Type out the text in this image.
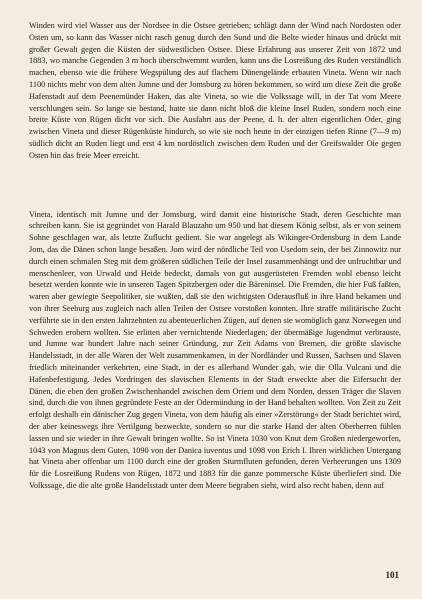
Winden wird viel Wasser aus der Nordsee in die Ostsee getrieben; schlägt dann der Wind nach Nordosten oder Osten um, so kann das Wasser nicht rasch genug durch den Sund und die Belte wieder hinaus und drückt mit großer Gewalt gegen die Küsten der südwestlichen Ostsee. Diese Erfahrung aus unserer Zeit von 1872 und 1883, wo manche Gegenden 3 m hoch überschwemmt wurden, kann uns die Losreißung des Ruden verständlich machen, ebenso wie die frühere Wegspülung des auf flachem Dünengelände erbauten Vineta. Wenn wir nach 1100 nichts mehr von dem alten Jumne und der Jomsburg zu hören bekommen, so wird um diese Zeit die große Hafenstadt auf dem Peenemünder Haken, das alte Vineta, so wie die Volkssage will, in der Tat vom Meere verschlungen sein. So lange sie bestand, hatte sie dann nicht bloß die kleine Insel Ruden, sondern noch eine breite Küste von Rügen dicht vor sich. Die Ausfahrt aus der Peene, d. h. der alten eigentlichen Oder, ging zwischen Vineta und dieser Rügenküste hindurch, so wie sie noch heute in der einzigen tiefen Rinne (7—9 m) südlich dicht an Ruden liegt und erst 4 km nordöstlich zwischen dem Ruden und der Greifswalder Oie gegen Osten hin das freie Meer erreicht.

Vineta, identisch mit Jumne und der Jomsburg, wird damit eine historische Stadt, deren Geschichte man schreiben kann. Sie ist gegründet von Harald Blauzahn um 950 und hat diesem König selbst, als er von seinem Sohne geschlagen war, als letzte Zuflucht gedient. Sie war angelegt als Wikinger-Ordensburg in dem Lande Jom, das die Dänen schon lange besaßen. Jom wird der nördliche Teil von Usedom sein, der bei Zinnowitz nur durch einen schmalen Steg mit dem größeren südlichen Teile der Insel zusammenhängt und der unfruchtbar und menschenleer, von Urwald und Heide bedeckt, damals von gut ausgerüsteten Fremden wohl ebenso leicht besetzt werden konnte wie in unseren Tagen Spitzbergen oder die Bäreninsel. Die Fremden, die hier Fuß faßten, waren aber gewiegte Seepolitiker, sie wußten, daß sie den wichtigsten Oderausfluß in ihre Hand bekamen und von ihrer Seeburg aus zugleich nach allen Teilen der Ostsee vorstoßen konnten. Ihre straffe militärische Zucht verführte sie in den ersten Jahrzehnten zu abenteuerlichen Zügen, auf denen sie womöglich ganz Norwegen und Schweden erobern wollten. Sie erlitten aber vernichtende Niederlagen; der übermäßige Jugendmut verbrauste, und Jumne war hundert Jahre nach seiner Gründung, zur Zeit Adams von Bremen, die größte slavische Handelsstadt, in der alle Waren der Welt zusammenkamen, in der Nordländer und Russen, Sachsen und Slaven friedlich miteinander verkehrten, eine Stadt, in der es allerhand Wunder gab, wie die Olla Vulcani und die Hafenbefestigung. Jedes Vordringen des slavischen Elements in der Stadt erweckte aber die Eifersucht der Dänen, die eben den großen Zwischenhandel zwischen dem Orient und dem Norden, dessen Träger die Slaven sind, durch die von ihnen gegründete Feste an der Odermündung in der Hand behalten wollten. Von Zeit zu Zeit erfolgt deshalb ein dänischer Zug gegen Vineta, von dem häufig als einer »Zerstörung« der Stadt berichtet wird, der aber keineswegs ihre Vertilgung bezweckte, sondern so nur die starke Hand der alten Oberherren fühlen lassen und sie wieder in ihre Gewalt bringen wollte. So ist Vineta 1030 von Knut dem Großen niedergeworfen, 1043 von Magnus dem Guten, 1090 von der Danica iuventus und 1098 von Erich I. Ihren wirklichen Untergang hat Vineta aber offenbar um 1100 durch eine der großen Sturmfluten gefunden, deren Verheerungen uns 1309 für die Losreißung Rudens von Rügen, 1872 und 1883 für die ganze pommersche Küste überliefert sind. Die Volkssage, die die alte große Handelsstadt unter dem Meere begraben sieht, wird also recht haben, denn auf

101
